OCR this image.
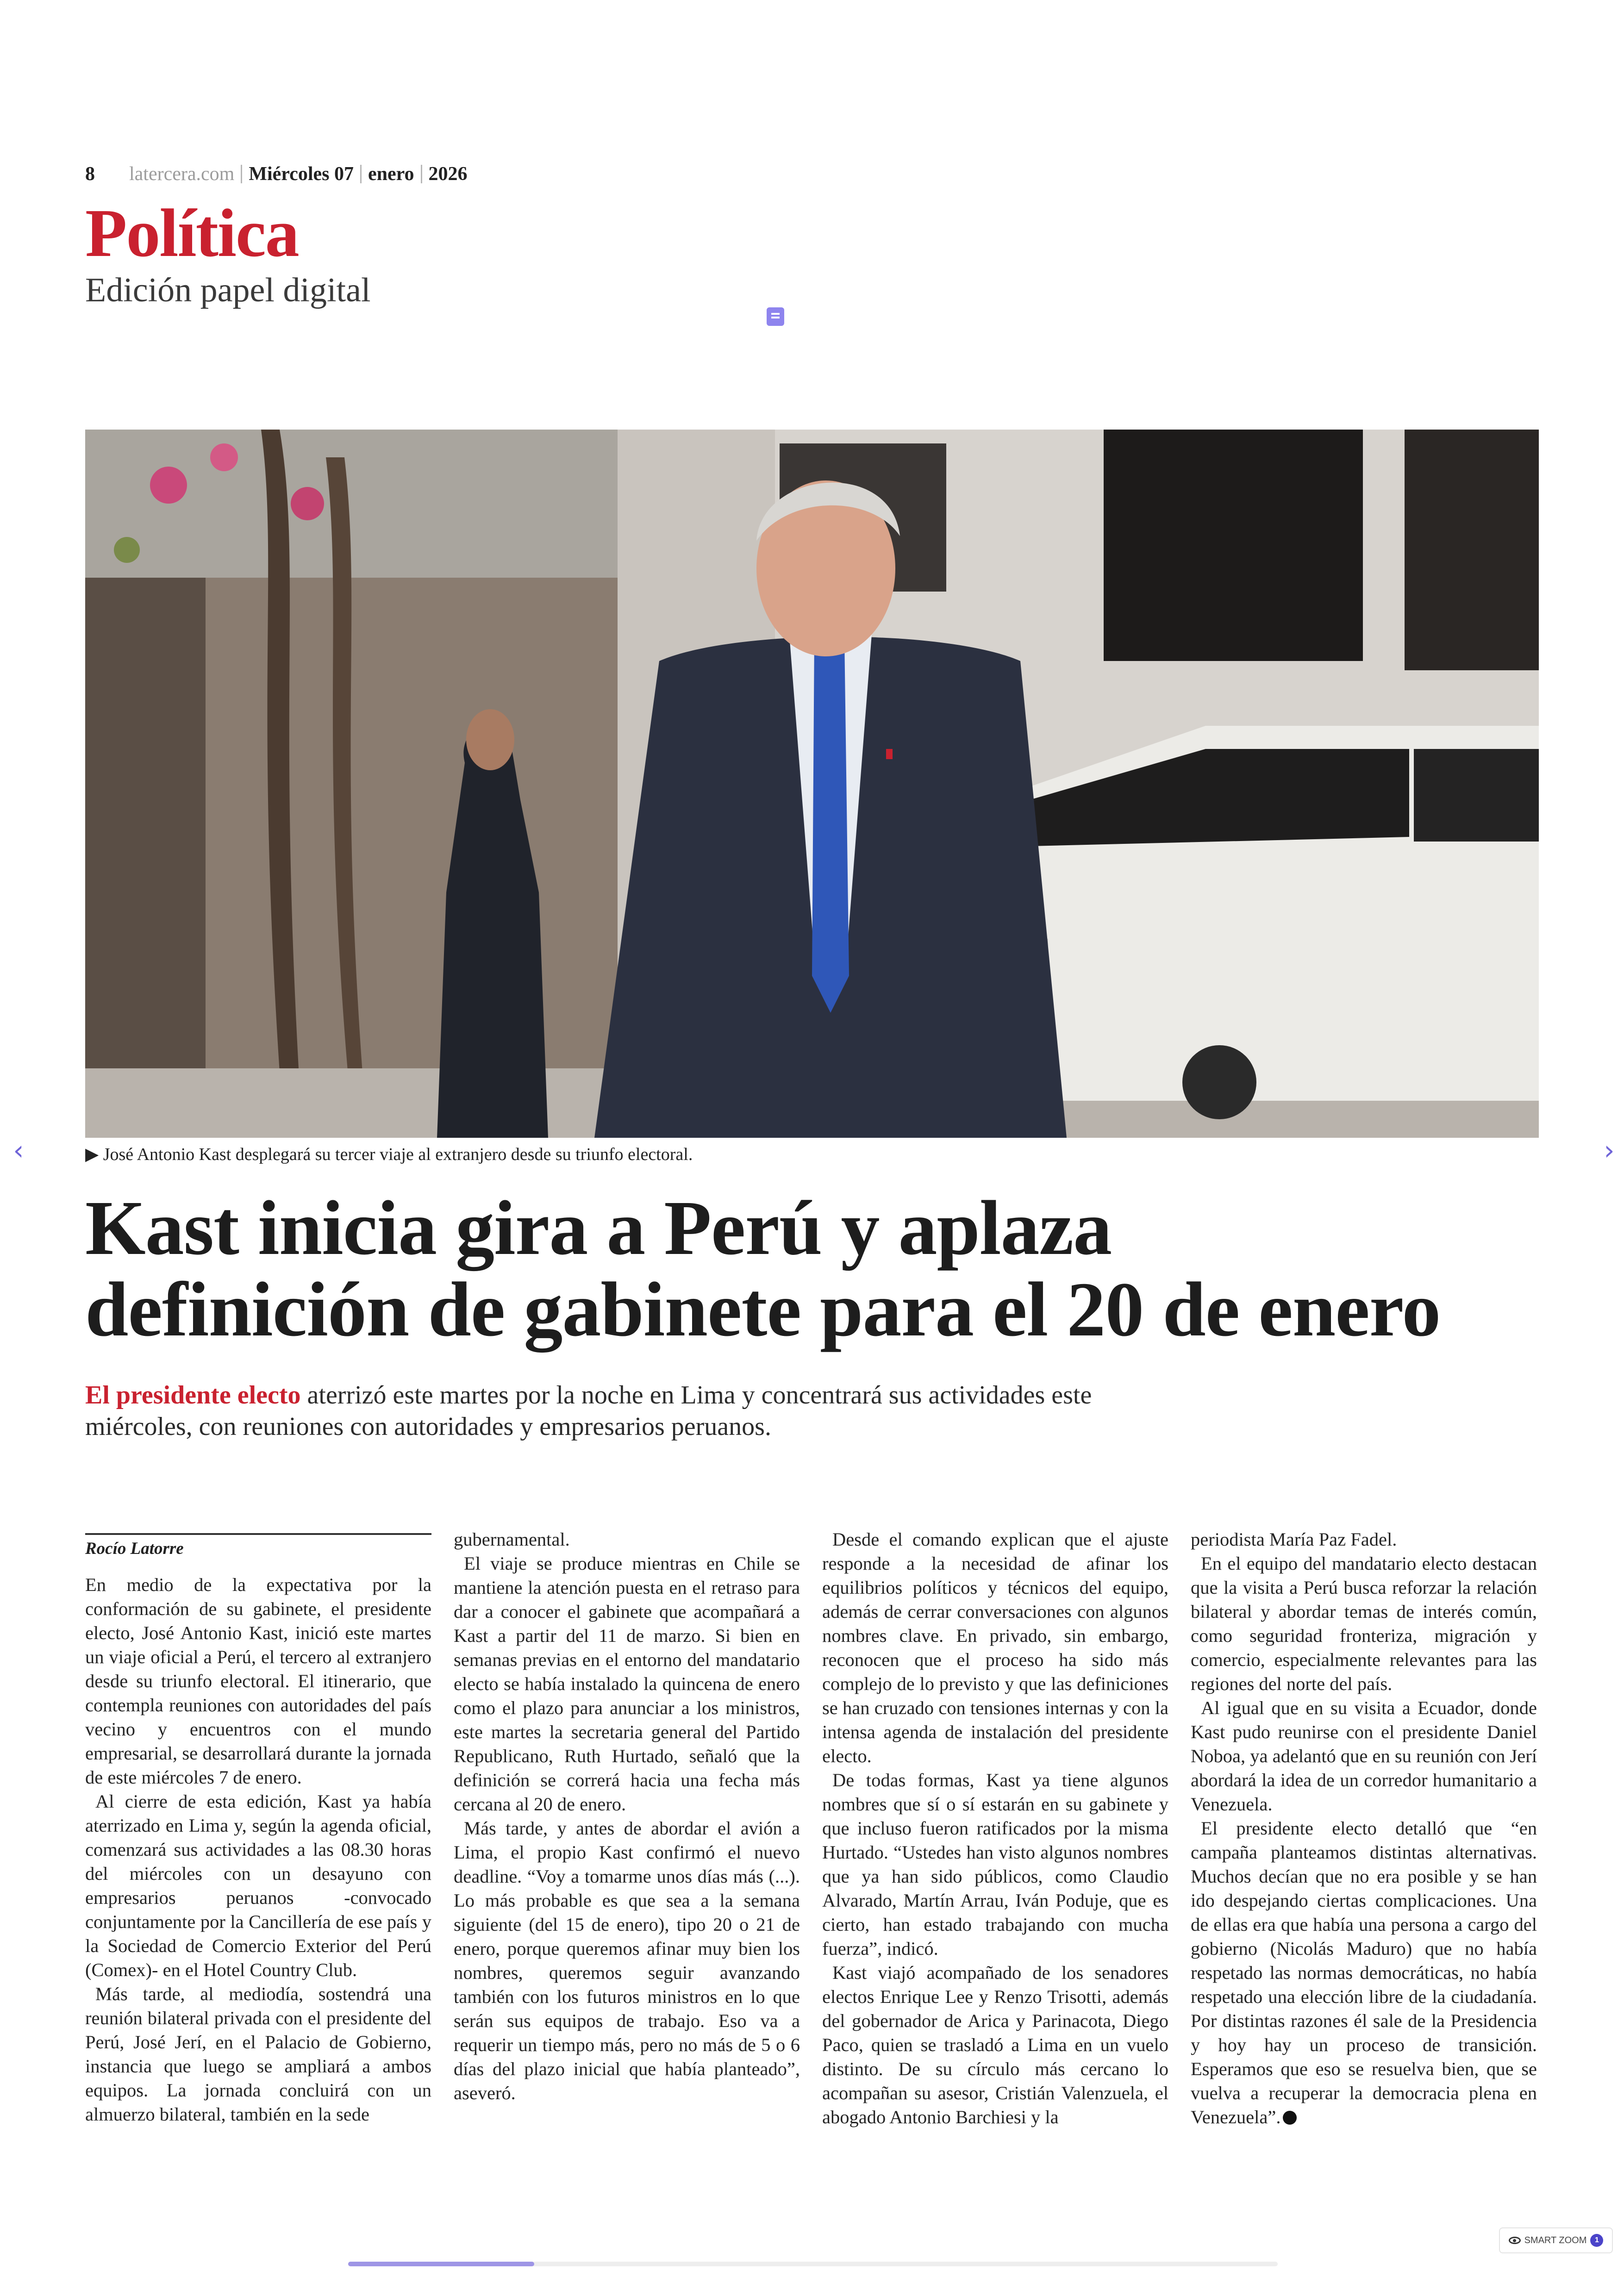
8 latercera.com Miércoles 07 enero 2026
Política
Edición papel digital
▶ José Antonio Kast desplegará su tercer viaje al extranjero desde su triunfo electoral.
Kast inicia gira a Perú y aplaza
definición de gabinete para el 20 de enero
El presidente electo aterrizó este martes por la noche en Lima y concentrará sus actividades este miércoles, con reuniones con autoridades y empresarios peruanos.
Rocío Latorre

En medio de la expectativa por la conformación de su gabinete, el presidente electo, José Antonio Kast, inició este martes un viaje oficial a Perú, el tercero al extranjero desde su triunfo electoral. El itinerario, que contempla reuniones con autoridades del país vecino y encuentros con el mundo empresarial, se desarrollará durante la jornada de este miércoles 7 de enero.

Al cierre de esta edición, Kast ya había aterrizado en Lima y, según la agenda oficial, comenzará sus actividades a las 08.30 horas del miércoles con un desayuno con empresarios peruanos -convocado conjuntamente por la Cancillería de ese país y la Sociedad de Comercio Exterior del Perú (Comex)- en el Hotel Country Club.

Más tarde, al mediodía, sostendrá una reunión bilateral privada con el presidente del Perú, José Jerí, en el Palacio de Gobierno, instancia que luego se ampliará a ambos equipos. La jornada concluirá con un almuerzo bilateral, también en la sede

gubernamental.

El viaje se produce mientras en Chile se mantiene la atención puesta en el retraso para dar a conocer el gabinete que acompañará a Kast a partir del 11 de marzo. Si bien en semanas previas en el entorno del mandatario electo se había instalado la quincena de enero como el plazo para anunciar a los ministros, este martes la secretaria general del Partido Republicano, Ruth Hurtado, señaló que la definición se correrá hacia una fecha más cercana al 20 de enero.

Más tarde, y antes de abordar el avión a Lima, el propio Kast confirmó el nuevo deadline. “Voy a tomarme unos días más (...). Lo más probable es que sea a la semana siguiente (del 15 de enero), tipo 20 o 21 de enero, porque queremos afinar muy bien los nombres, queremos seguir avanzando también con los futuros ministros en lo que serán sus equipos de trabajo. Eso va a requerir un tiempo más, pero no más de 5 o 6 días del plazo inicial que había planteado”, aseveró.

Desde el comando explican que el ajuste responde a la necesidad de afinar los equilibrios políticos y técnicos del equipo, además de cerrar conversaciones con algunos nombres clave. En privado, sin embargo, reconocen que el proceso ha sido más complejo de lo previsto y que las definiciones se han cruzado con tensiones internas y con la intensa agenda de instalación del presidente electo.

De todas formas, Kast ya tiene algunos nombres que sí o sí estarán en su gabinete y que incluso fueron ratificados por la misma Hurtado. “Ustedes han visto algunos nombres que ya han sido públicos, como Claudio Alvarado, Martín Arrau, Iván Poduje, que es cierto, han estado trabajando con mucha fuerza”, indicó.

Kast viajó acompañado de los senadores electos Enrique Lee y Renzo Trisotti, además del gobernador de Arica y Parinacota, Diego Paco, quien se trasladó a Lima en un vuelo distinto. De su círculo más cercano lo acompañan su asesor, Cristián Valenzuela, el abogado Antonio Barchiesi y la

periodista María Paz Fadel.

En el equipo del mandatario electo destacan que la visita a Perú busca reforzar la relación bilateral y abordar temas de interés común, como seguridad fronteriza, migración y comercio, especialmente relevantes para las regiones del norte del país.

Al igual que en su visita a Ecuador, donde Kast pudo reunirse con el presidente Daniel Noboa, ya adelantó que en su reunión con Jerí abordará la idea de un corredor humanitario a Venezuela.

El presidente electo detalló que “en campaña planteamos distintas alternativas. Muchos decían que no era posible y se han ido despejando ciertas complicaciones. Una de ellas era que había una persona a cargo del gobierno (Nicolás Maduro) que no había respetado las normas democráticas, no había respetado una elección libre de la ciudadanía. Por distintas razones él sale de la Presidencia y hoy hay un proceso de transición. Esperamos que eso se resuelva bien, que se vuelva a recuperar la democracia plena en Venezuela”.

‹	›
SMART ZOOM	1
